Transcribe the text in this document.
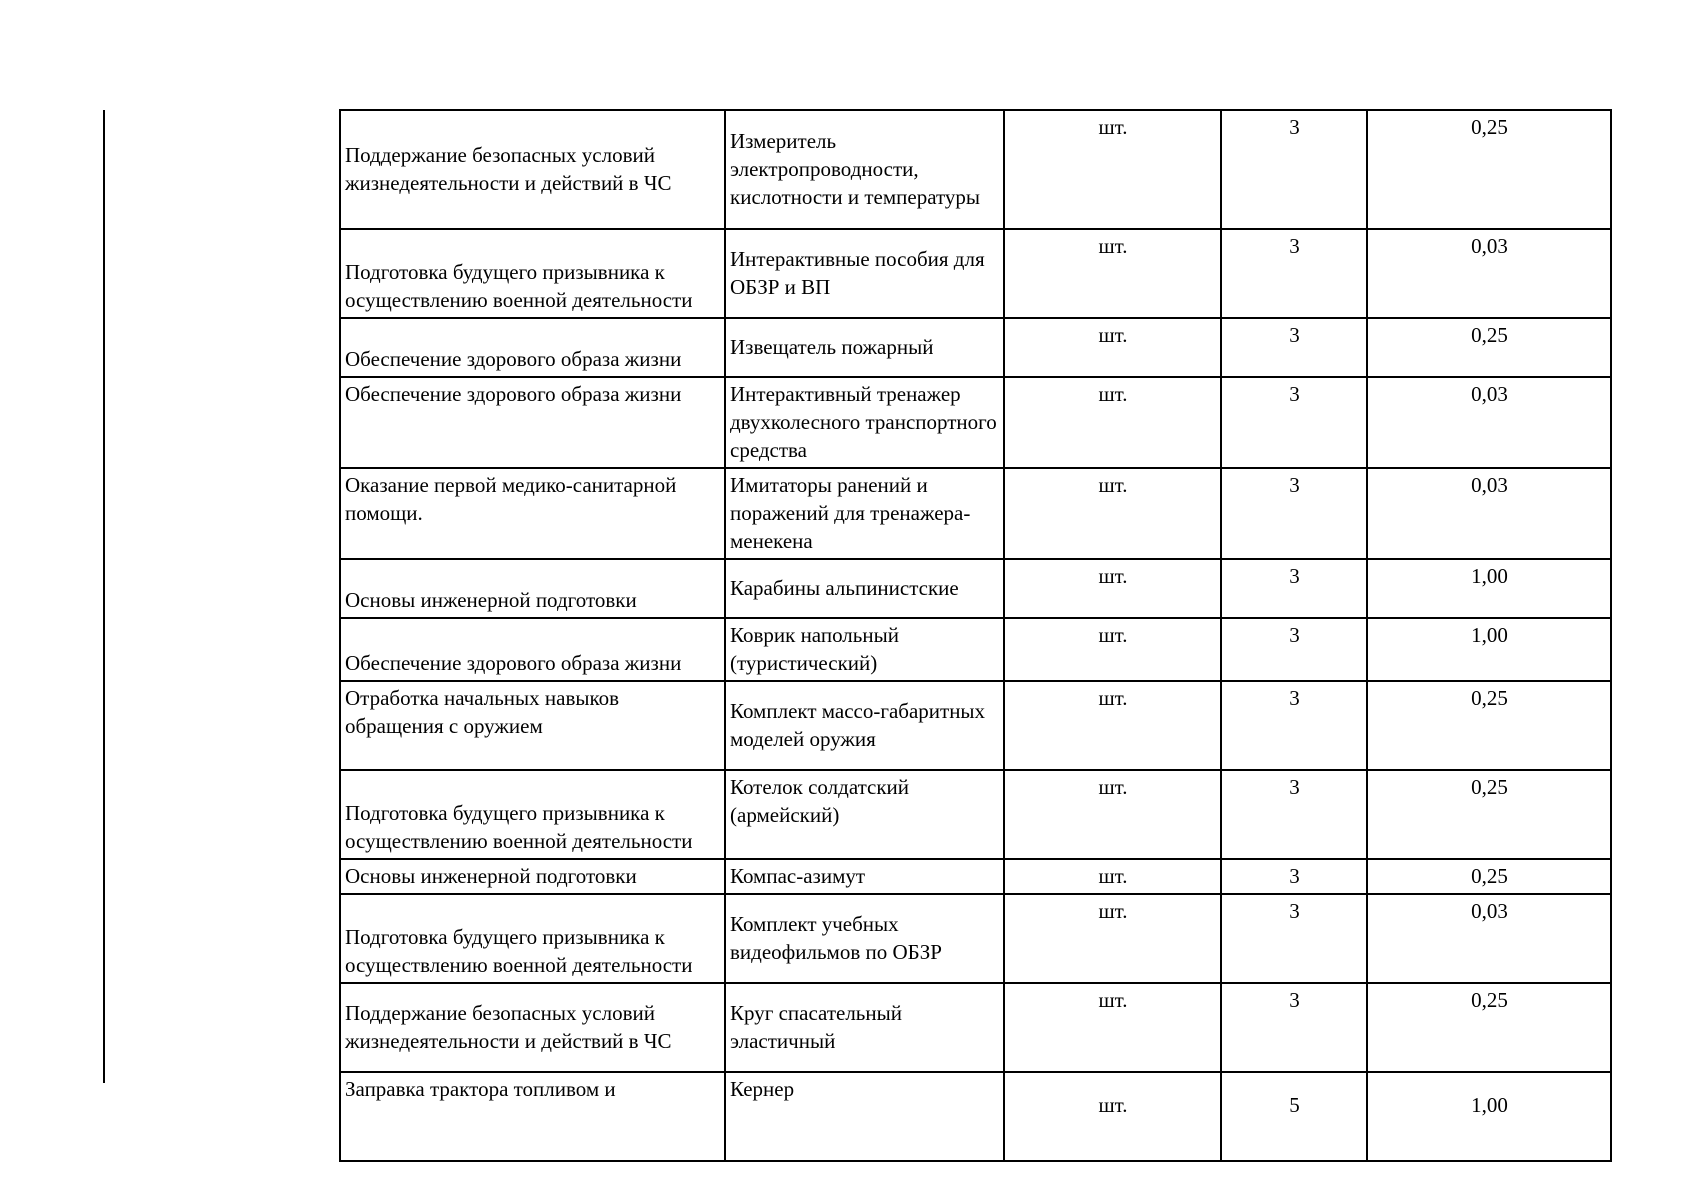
Поддержание безопасных условий жизнедеятельности и действий в ЧС	Измеритель электропроводности, кислотности и температуры	шт.	3	0,25

Подготовка будущего призывника к осуществлению военной деятельности	Интерактивные пособия для ОБЗР и ВП	шт.	3	0,03

Обеспечение здорового образа жизни	Извещатель пожарный	шт.	3	0,25

Обеспечение здорового образа жизни	Интерактивный тренажер двухколесного транспортного средства	шт.	3	0,03

Оказание первой медико-санитарной помощи.	Имитаторы ранений и поражений для тренажера-менекена	шт.	3	0,03

Основы инженерной подготовки	Карабины альпинистские	шт.	3	1,00

Обеспечение здорового образа жизни	Коврик напольный (туристический)	шт.	3	1,00

Отработка начальных навыков обращения с оружием	Комплект массо-габаритных моделей оружия	шт.	3	0,25

Подготовка будущего призывника к осуществлению военной деятельности	Котелок солдатский (армейский)	шт.	3	0,25

Основы инженерной подготовки	Компас-азимут	шт.	3	0,25

Подготовка будущего призывника к осуществлению военной деятельности	Комплект учебных видеофильмов по ОБЗР	шт.	3	0,03

Поддержание безопасных условий жизнедеятельности и действий в ЧС	Круг спасательный эластичный	шт.	3	0,25

Заправка трактора топливом и	Кернер	шт.	5	1,00
